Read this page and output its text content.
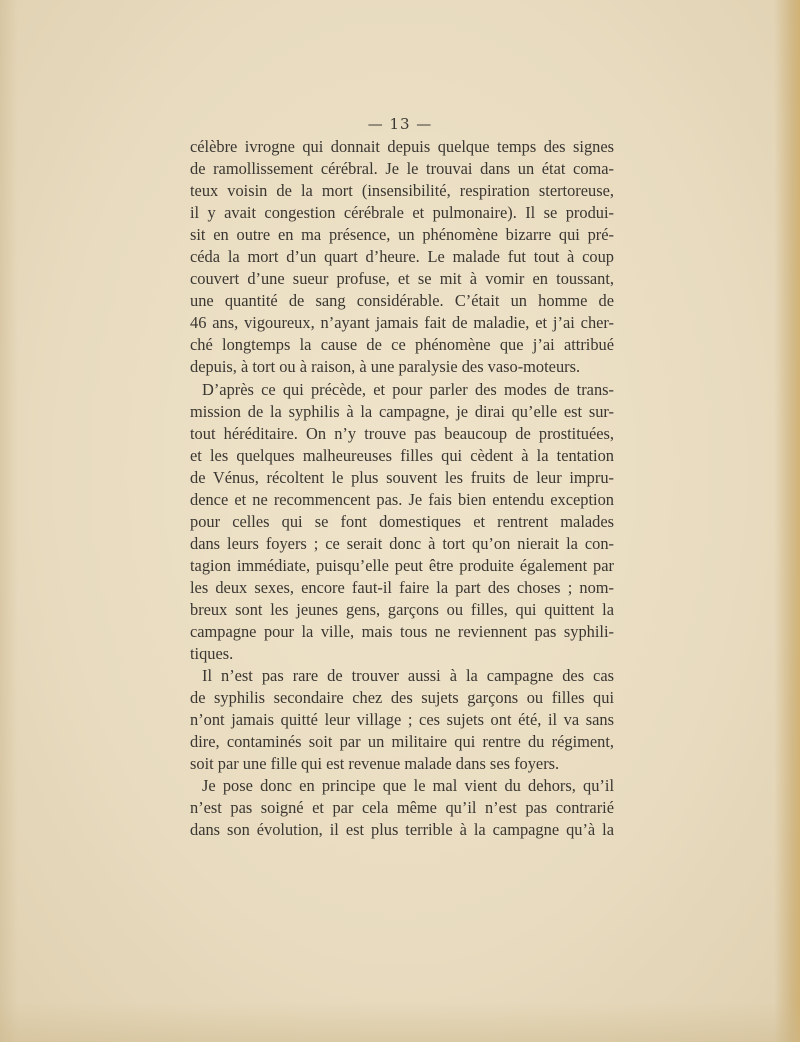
— 13 —
célèbre ivrogne qui donnait depuis quelque temps des signes
de ramollissement cérébral. Je le trouvai dans un état coma-
teux voisin de la mort (insensibilité, respiration stertoreuse,
il y avait congestion cérébrale et pulmonaire). Il se produi-
sit en outre en ma présence, un phénomène bizarre qui pré-
céda la mort d’un quart d’heure. Le malade fut tout à coup
couvert d’une sueur profuse, et se mit à vomir en toussant,
une quantité de sang considérable. C’était un homme de
46 ans, vigoureux, n’ayant jamais fait de maladie, et j’ai cher-
ché longtemps la cause de ce phénomène que j’ai attribué
depuis, à tort ou à raison, à une paralysie des vaso-moteurs.
D’après ce qui précède, et pour parler des modes de trans-
mission de la syphilis à la campagne, je dirai qu’elle est sur-
tout héréditaire. On n’y trouve pas beaucoup de prostituées,
et les quelques malheureuses filles qui cèdent à la tentation
de Vénus, récoltent le plus souvent les fruits de leur impru-
dence et ne recommencent pas. Je fais bien entendu exception
pour celles qui se font domestiques et rentrent malades
dans leurs foyers ; ce serait donc à tort qu’on nierait la con-
tagion immédiate, puisqu’elle peut être produite également par
les deux sexes, encore faut-il faire la part des choses ; nom-
breux sont les jeunes gens, garçons ou filles, qui quittent la
campagne pour la ville, mais tous ne reviennent pas syphili-
tiques.
Il n’est pas rare de trouver aussi à la campagne des cas
de syphilis secondaire chez des sujets garçons ou filles qui
n’ont jamais quitté leur village ; ces sujets ont été, il va sans
dire, contaminés soit par un militaire qui rentre du régiment,
soit par une fille qui est revenue malade dans ses foyers.
Je pose donc en principe que le mal vient du dehors, qu’il
n’est pas soigné et par cela même qu’il n’est pas contrarié
dans son évolution, il est plus terrible à la campagne qu’à la
